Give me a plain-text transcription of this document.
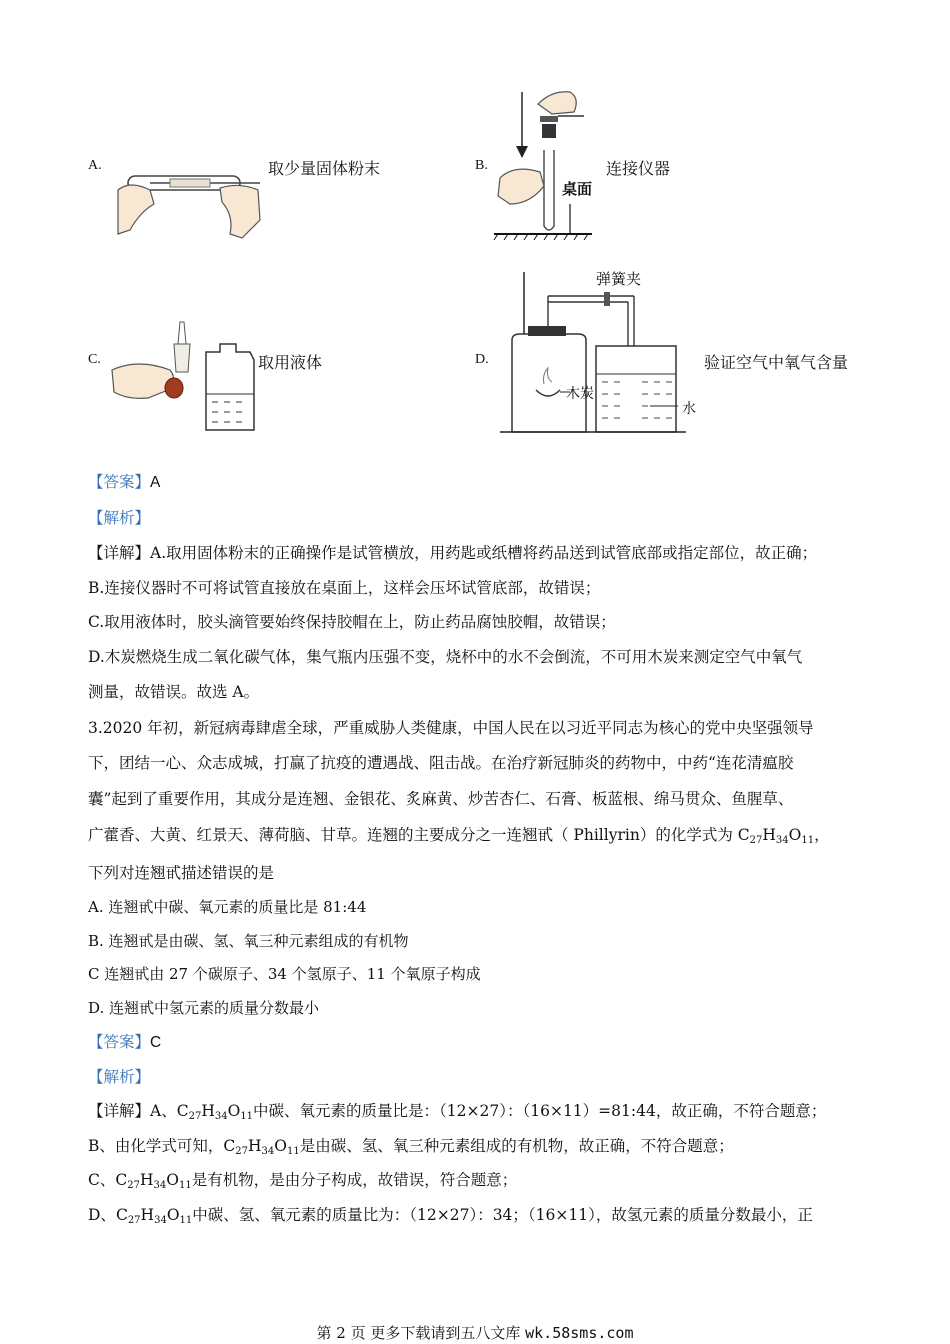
A.	取少量固体粉末	B.
桌面
连接仪器
C.	取用液体	D.
弹簧夹
木炭
水
验证空气中氧气含量
【答案】A
【解析】
【详解】A.取用固体粉末的正确操作是试管横放，用药匙或纸槽将药品送到试管底部或指定部位，故正确；
B.连接仪器时不可将试管直接放在桌面上，这样会压坏试管底部，故错误；
C.取用液体时，胶头滴管要始终保持胶帽在上，防止药品腐蚀胶帽，故错误；
D.木炭燃烧生成二氧化碳气体，集气瓶内压强不变，烧杯中的水不会倒流，不可用木炭来测定空气中氧气
测量，故错误。故选 A。
3.2020 年初，新冠病毒肆虐全球，严重威胁人类健康，中国人民在以习近平同志为核心的党中央坚强领导
下，团结一心、众志成城，打赢了抗疫的遭遇战、阻击战。在治疗新冠肺炎的药物中，中药“连花清瘟胶
囊”起到了重要作用，其成分是连翘、金银花、炙麻黄、炒苦杏仁、石膏、板蓝根、绵马贯众、鱼腥草、
广藿香、大黄、红景天、薄荷脑、甘草。连翘的主要成分之一连翘甙（ Phillyrin）的化学式为 $C_{27}H_{34}O_{11}$，
下列对连翘甙描述错误的是
A. 连翘甙中碳、氧元素的质量比是 81:44
B. 连翘甙是由碳、氢、氧三种元素组成的有机物
C 连翘甙由 27 个碳原子、34 个氢原子、11 个氧原子构成
D. 连翘甙中氢元素的质量分数最小
【答案】C
【解析】
【详解】A、$C_{27}H_{34}O_{11}$中碳、氧元素的质量比是：（12×27）：（16×11）=81:44，故正确，不符合题意；
B、由化学式可知，$C_{27}H_{34}O_{11}$是由碳、氢、氧三种元素组成的有机物，故正确，不符合题意；
C、$C_{27}H_{34}O_{11}$是有机物，是由分子构成，故错误，符合题意；
D、$C_{27}H_{34}O_{11}$中碳、氢、氧元素的质量比为：（12×27）：34；（16×11），故氢元素的质量分数最小，正
第 2 页 更多下载请到五八文库 wk.58sms.com
